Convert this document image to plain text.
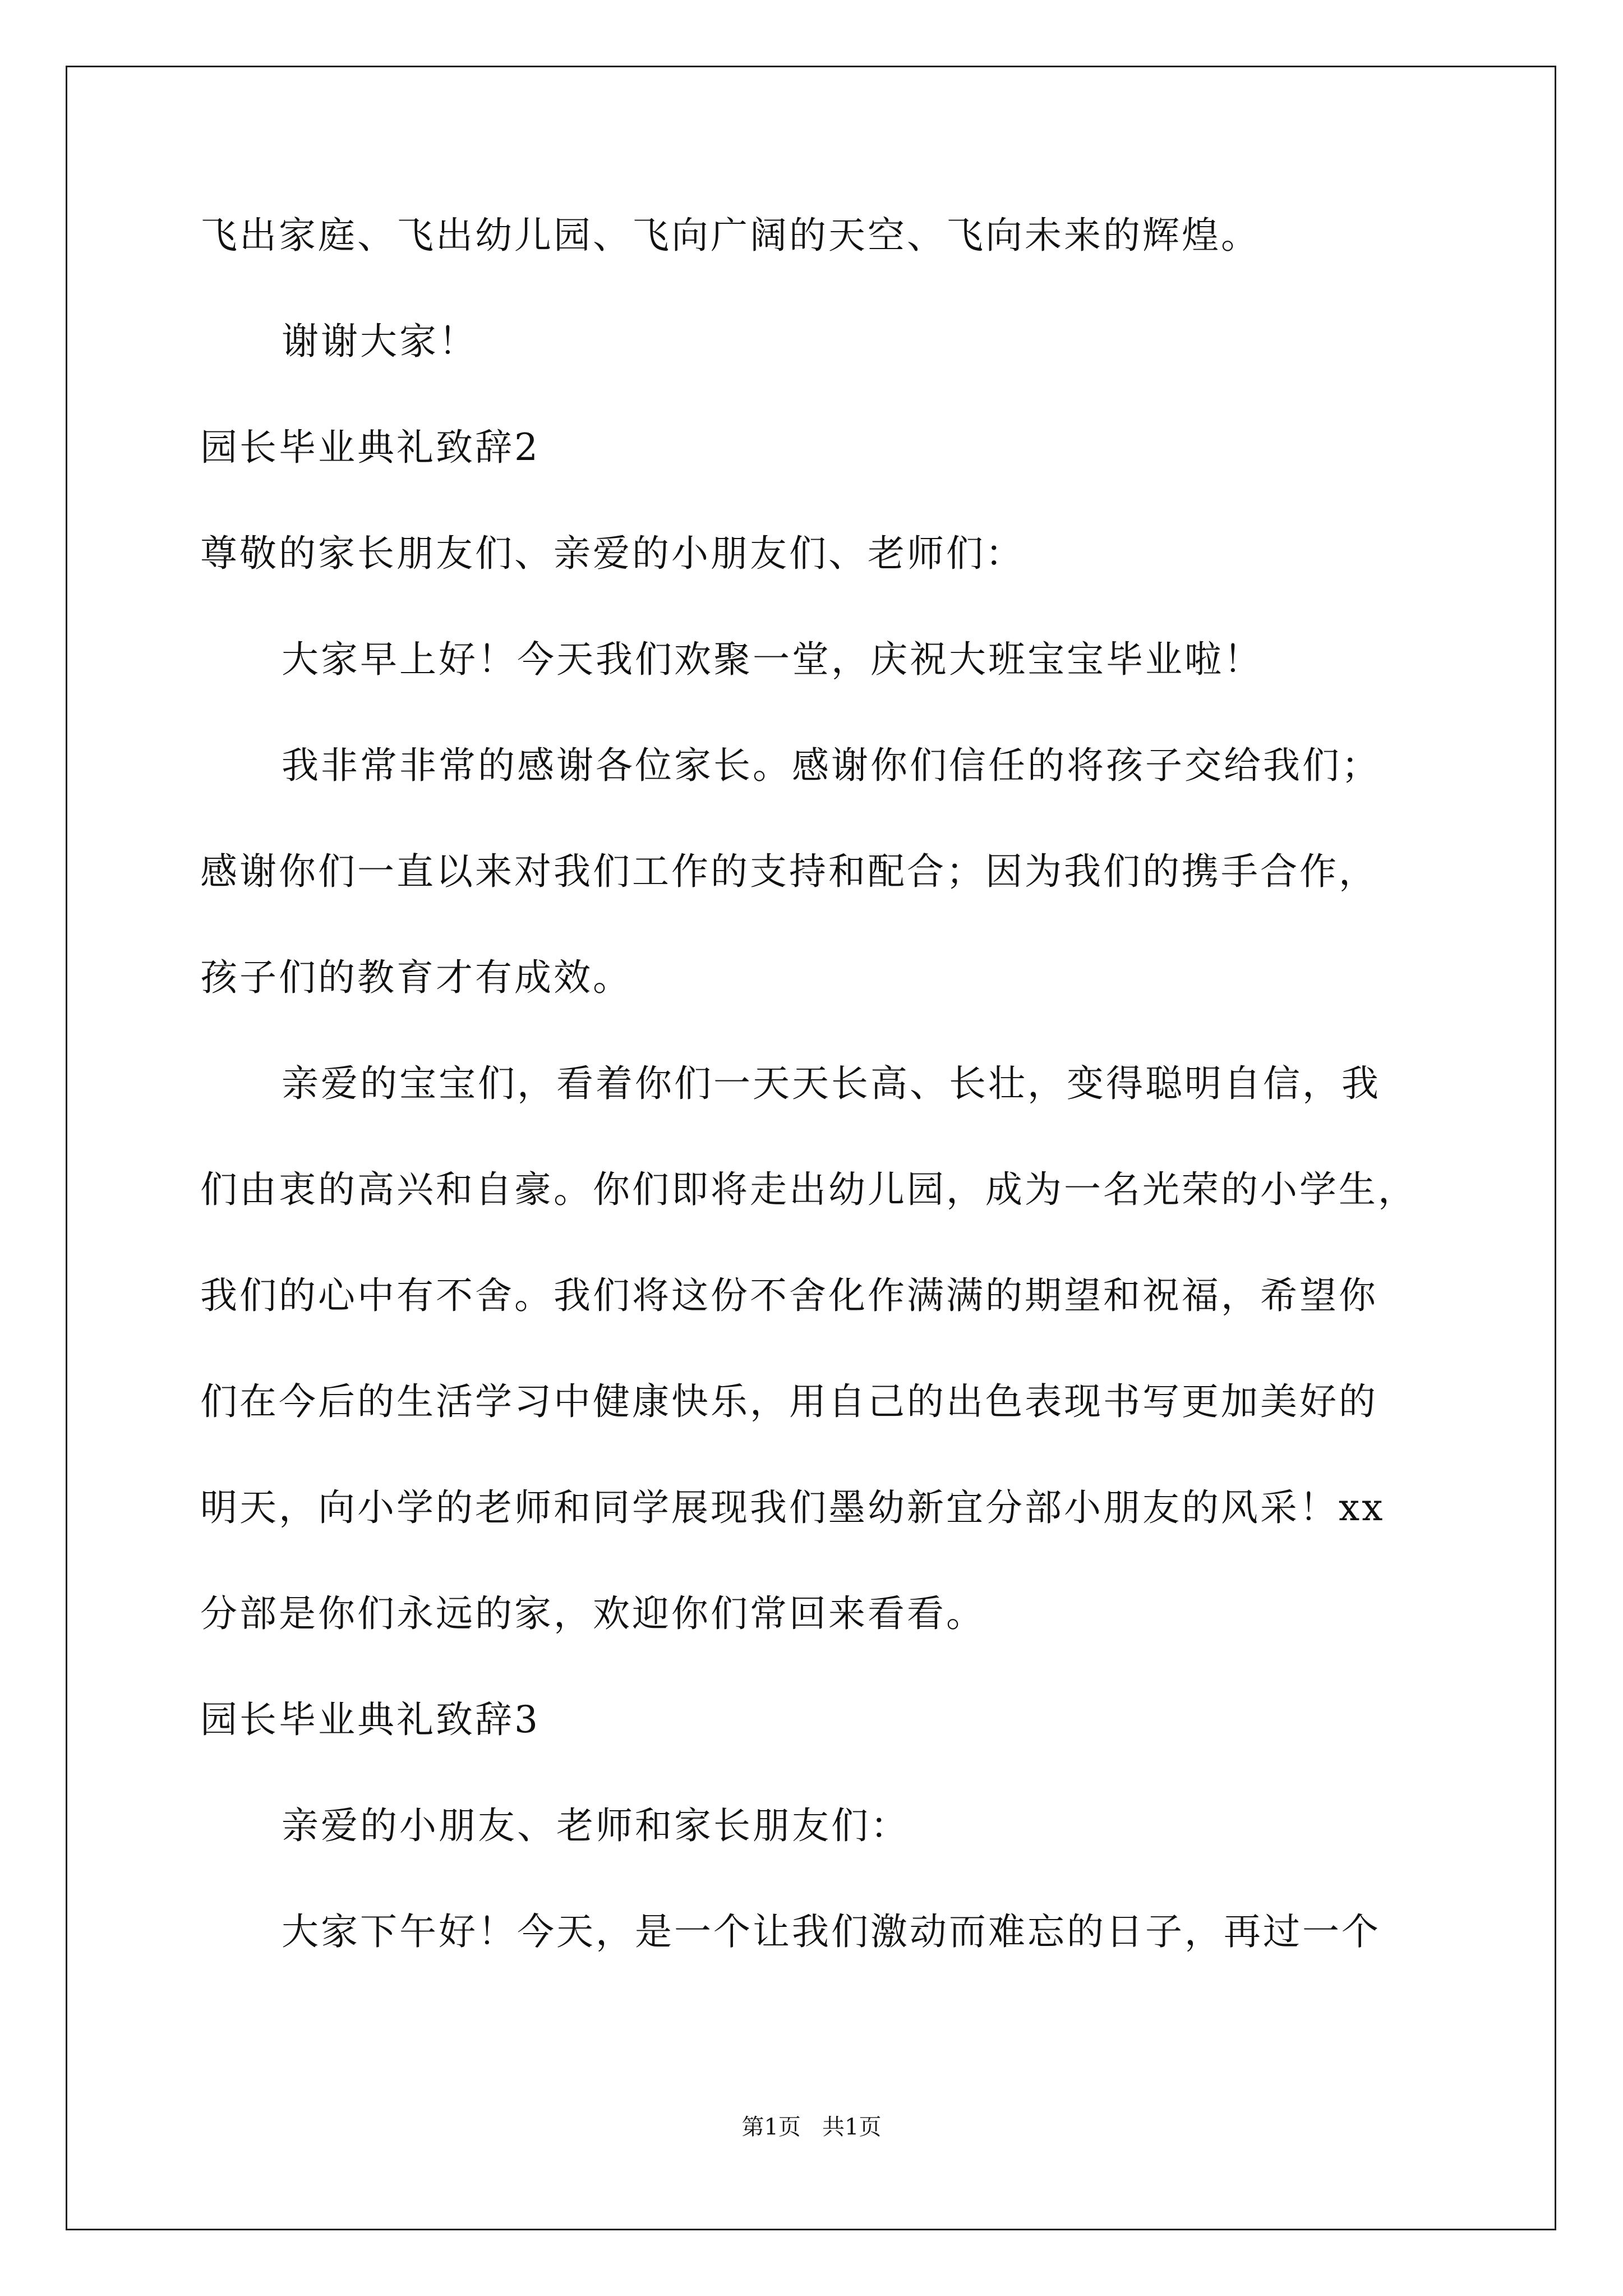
飞出家庭、飞出幼儿园、飞向广阔的天空、飞向未来的辉煌。
谢谢大家！
园长毕业典礼致辞2
尊敬的家长朋友们、亲爱的小朋友们、老师们：
大家早上好！今天我们欢聚一堂，庆祝大班宝宝毕业啦！
我非常非常的感谢各位家长。感谢你们信任的将孩子交给我们；
感谢你们一直以来对我们工作的支持和配合；因为我们的携手合作，
孩子们的教育才有成效。
亲爱的宝宝们，看着你们一天天长高、长壮，变得聪明自信，我
们由衷的高兴和自豪。你们即将走出幼儿园，成为一名光荣的小学生，
我们的心中有不舍。我们将这份不舍化作满满的期望和祝福，希望你
们在今后的生活学习中健康快乐，用自己的出色表现书写更加美好的
明天，向小学的老师和同学展现我们墨幼新宜分部小朋友的风采！xx
分部是你们永远的家，欢迎你们常回来看看。
园长毕业典礼致辞3
亲爱的小朋友、老师和家长朋友们：
大家下午好！今天，是一个让我们激动而难忘的日子，再过一个
第1页   共1页
